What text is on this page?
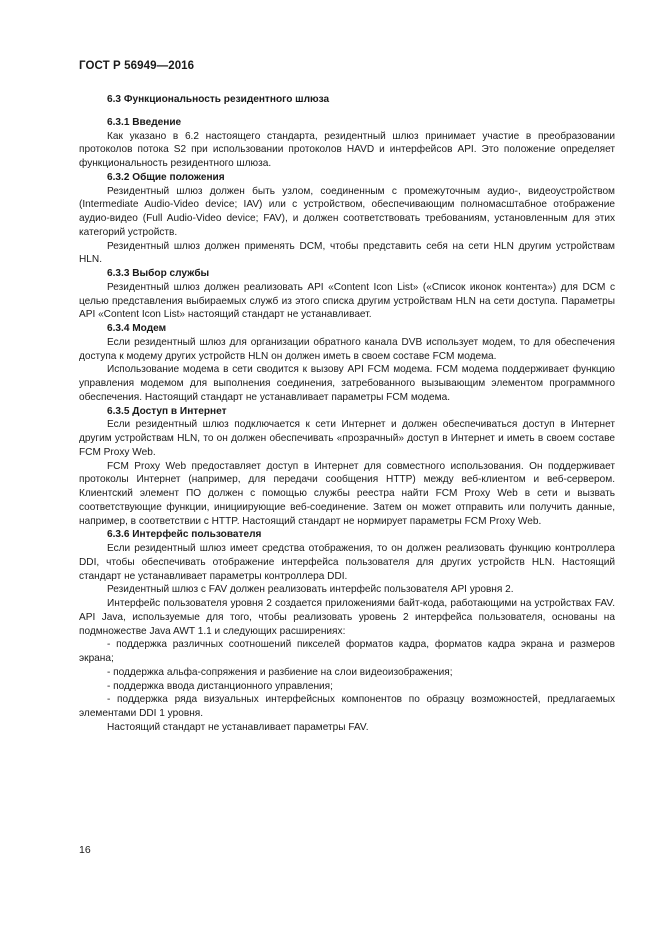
ГОСТ Р 56949—2016

6.3 Функциональность резидентного шлюза

6.3.1 Введение

Как указано в 6.2 настоящего стандарта, резидентный шлюз принимает участие в преобразовании протоколов потока S2 при использовании протоколов HAVD и интерфейсов API. Это положение определяет функциональность резидентного шлюза.

6.3.2 Общие положения

Резидентный шлюз должен быть узлом, соединенным с промежуточным аудио-, видеоустройством (Intermediate Audio-Video device; IAV) или с устройством, обеспечивающим полномасштабное отображение аудио-видео (Full Audio-Video device; FAV), и должен соответствовать требованиям, установленным для этих категорий устройств.

Резидентный шлюз должен применять DCM, чтобы представить себя на сети HLN другим устройствам HLN.

6.3.3 Выбор службы

Резидентный шлюз должен реализовать API «Content Icon List» («Список иконок контента») для DCM с целью представления выбираемых служб из этого списка другим устройствам HLN на сети доступа. Параметры API «Content Icon List» настоящий стандарт не устанавливает.

6.3.4 Модем

Если резидентный шлюз для организации обратного канала DVB использует модем, то для обеспечения доступа к модему других устройств HLN он должен иметь в своем составе FCM модема.

Использование модема в сети сводится к вызову API FCM модема. FCM модема поддерживает функцию управления модемом для выполнения соединения, затребованного вызывающим элементом программного обеспечения. Настоящий стандарт не устанавливает параметры FCM модема.

6.3.5 Доступ в Интернет

Если резидентный шлюз подключается к сети Интернет и должен обеспечиваться доступ в Интернет другим устройствам HLN, то он должен обеспечивать «прозрачный» доступ в Интернет и иметь в своем составе FCM Proxy Web.

FCM Proxy Web предоставляет доступ в Интернет для совместного использования. Он поддерживает протоколы Интернет (например, для передачи сообщения HTTP) между веб-клиентом и веб-сервером. Клиентский элемент ПО должен с помощью службы реестра найти FCM Proxy Web в сети и вызвать соответствующие функции, инициирующие веб-соединение. Затем он может отправить или получить данные, например, в соответствии с HTTP. Настоящий стандарт не нормирует параметры FCM Proxy Web.

6.3.6 Интерфейс пользователя

Если резидентный шлюз имеет средства отображения, то он должен реализовать функцию контроллера DDI, чтобы обеспечивать отображение интерфейса пользователя для других устройств HLN. Настоящий стандарт не устанавливает параметры контроллера DDI.

Резидентный шлюз с FAV должен реализовать интерфейс пользователя API уровня 2.

Интерфейс пользователя уровня 2 создается приложениями байт-кода, работающими на устройствах FAV. API Java, используемые для того, чтобы реализовать уровень 2 интерфейса пользователя, основаны на подмножестве Java AWT 1.1 и следующих расширениях:

- поддержка различных соотношений пикселей форматов кадра, форматов кадра экрана и размеров экрана;

- поддержка альфа-сопряжения и разбиение на слои видеоизображения;

- поддержка ввода дистанционного управления;

- поддержка ряда визуальных интерфейсных компонентов по образцу возможностей, предлагаемых элементами DDI 1 уровня.

Настоящий стандарт не устанавливает параметры FAV.

16
